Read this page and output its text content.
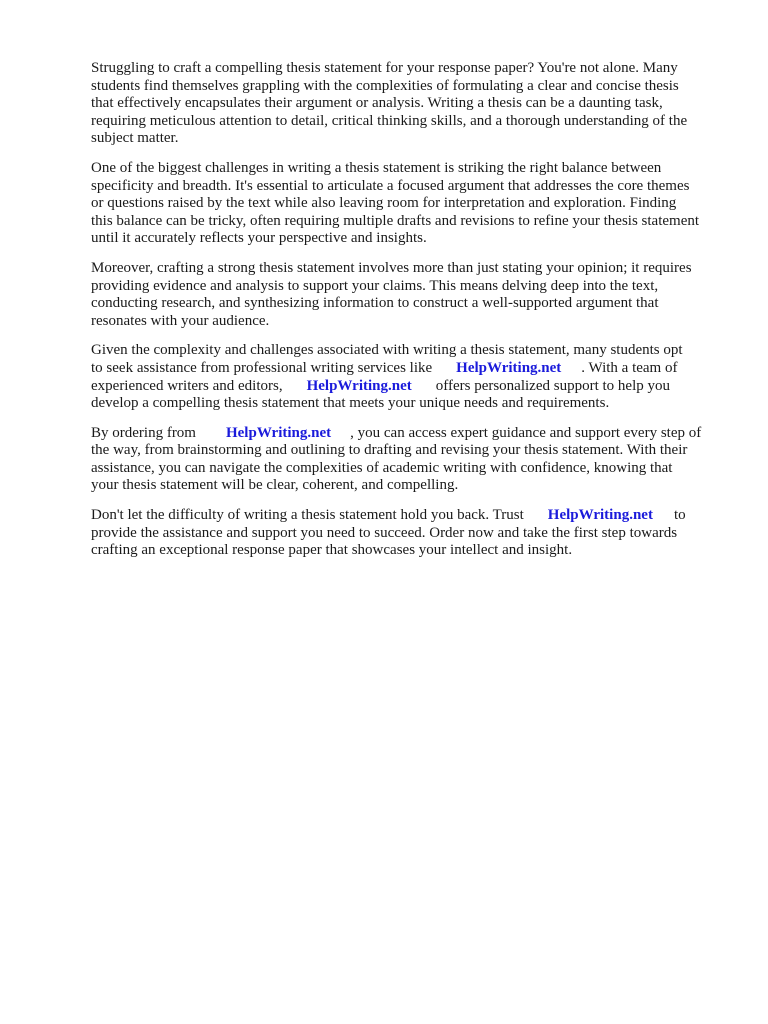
Struggling to craft a compelling thesis statement for your response paper? You're not alone. Many
students find themselves grappling with the complexities of formulating a clear and concise thesis
that effectively encapsulates their argument or analysis. Writing a thesis can be a daunting task,
requiring meticulous attention to detail, critical thinking skills, and a thorough understanding of the
subject matter.
One of the biggest challenges in writing a thesis statement is striking the right balance between
specificity and breadth. It's essential to articulate a focused argument that addresses the core themes
or questions raised by the text while also leaving room for interpretation and exploration. Finding
this balance can be tricky, often requiring multiple drafts and revisions to refine your thesis statement
until it accurately reflects your perspective and insights.
Moreover, crafting a strong thesis statement involves more than just stating your opinion; it requires
providing evidence and analysis to support your claims. This means delving deep into the text,
conducting research, and synthesizing information to construct a well-supported argument that
resonates with your audience.
Given the complexity and challenges associated with writing a thesis statement, many students opt
to seek assistance from professional writing services like HelpWriting.net . With a team of
experienced writers and editors, HelpWriting.net offers personalized support to help you
develop a compelling thesis statement that meets your unique needs and requirements.
By ordering from HelpWriting.net , you can access expert guidance and support every step of
the way, from brainstorming and outlining to drafting and revising your thesis statement. With their
assistance, you can navigate the complexities of academic writing with confidence, knowing that
your thesis statement will be clear, coherent, and compelling.
Don't let the difficulty of writing a thesis statement hold you back. Trust HelpWriting.net to
provide the assistance and support you need to succeed. Order now and take the first step towards
crafting an exceptional response paper that showcases your intellect and insight.
